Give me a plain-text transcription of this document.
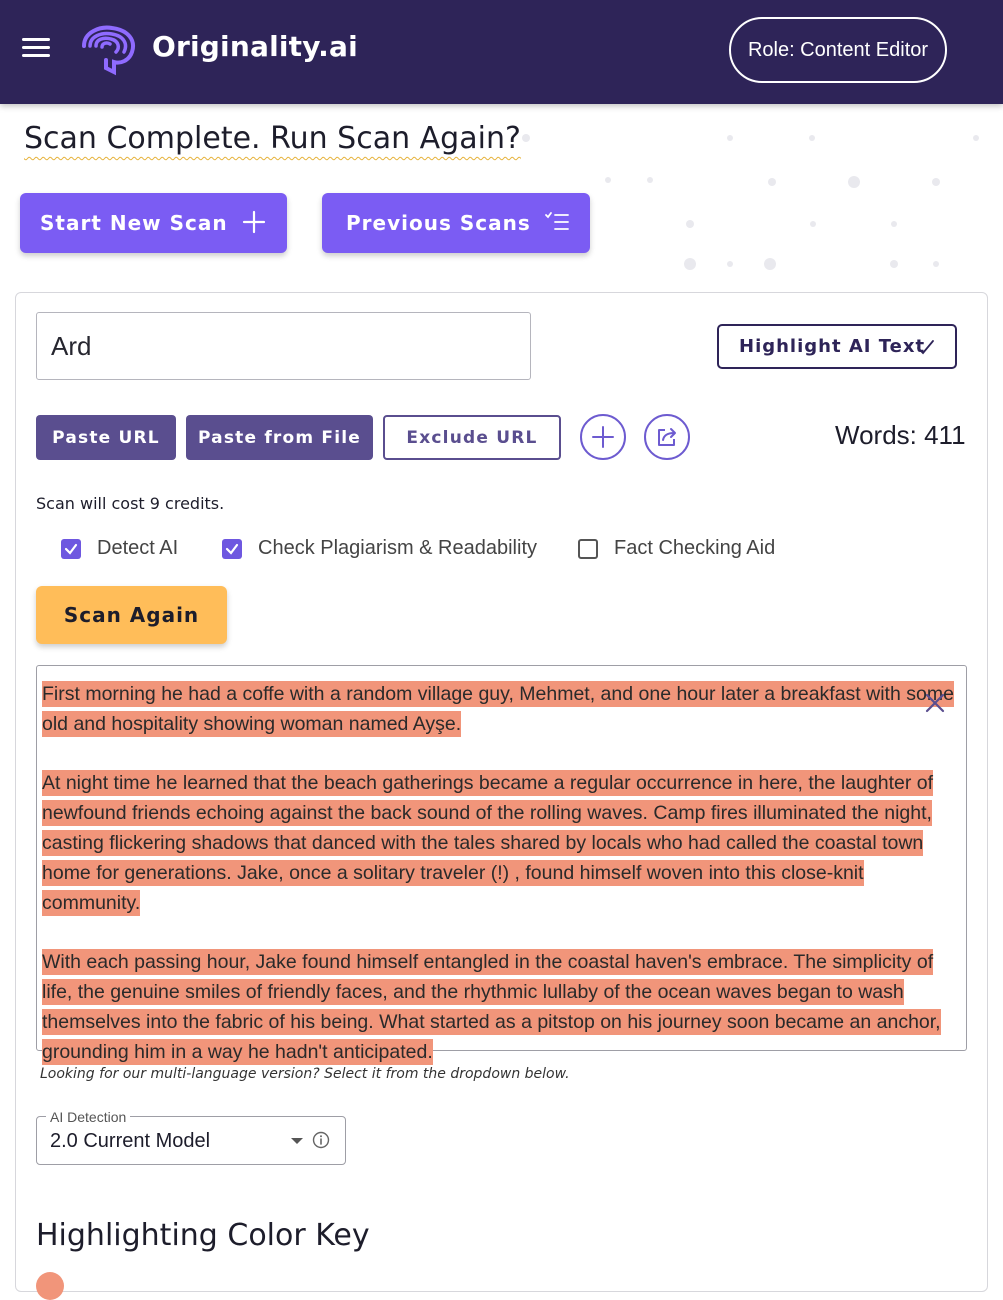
Originality.ai	Role: Content Editor
Scan Complete. Run Scan Again?
Start New Scan	Previous Scans
Ard
Highlight AI Text
Paste URL	Paste from File	Exclude URL	Words: 411
Scan will cost 9 credits.
Detect AI	Check Plagiarism & Readability	Fact Checking Aid
Scan Again

First morning he had a coffe with a random village guy, Mehmet, and one hour later a breakfast with some old and hospitality showing woman named Ayşe.

At night time he learned that the beach gatherings became a regular occurrence in here, the laughter of newfound friends echoing against the back sound of the rolling waves. Camp fires illuminated the night, casting flickering shadows that danced with the tales shared by locals who had called the coastal town home for generations. Jake, once a solitary traveler (!) , found himself woven into this close-knit community.

With each passing hour, Jake found himself entangled in the coastal haven's embrace. The simplicity of life, the genuine smiles of friendly faces, and the rhythmic lullaby of the ocean waves began to wash themselves into the fabric of his being. What started as a pitstop on his journey soon became an anchor, grounding him in a way he hadn't anticipated.

Looking for our multi-language version? Select it from the dropdown below.
AI Detection
2.0 Current Model
Highlighting Color Key
